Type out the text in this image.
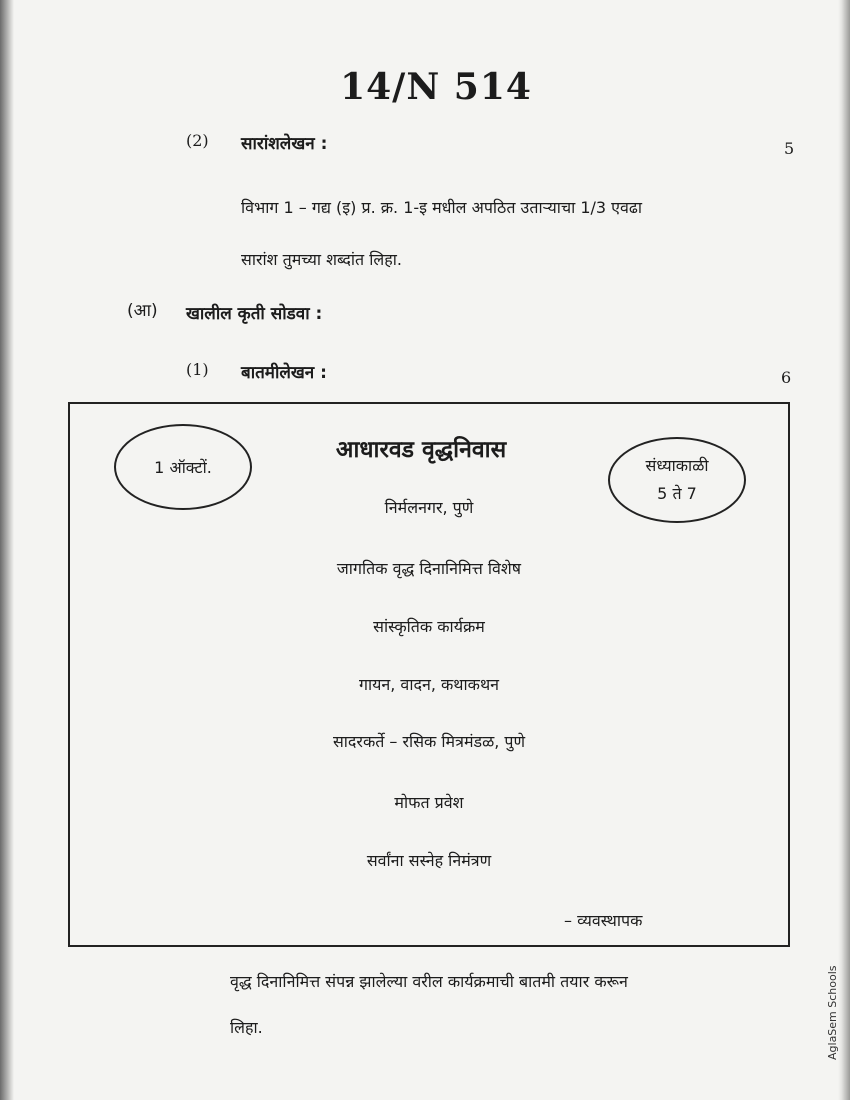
14/N 514
(2) सारांशलेखन :	5
विभाग 1 – गद्य (इ) प्र. क्र. 1-इ मधील अपठित उताऱ्याचा 1/3 एवढा
सारांश तुमच्या शब्दांत लिहा.
(आ) खालील कृती सोडवा :
(1) बातमीलेखन :	6
1 ऑक्टों.	संध्याकाळी
5 ते 7
आधारवड वृद्धनिवास
निर्मलनगर, पुणे
जागतिक वृद्ध दिनानिमित्त विशेष
सांस्कृतिक कार्यक्रम
गायन, वादन, कथाकथन
सादरकर्ते – रसिक मित्रमंडळ, पुणे
मोफत प्रवेश
सर्वांना सस्नेह निमंत्रण
– व्यवस्थापक
वृद्ध दिनानिमित्त संपन्न झालेल्या वरील कार्यक्रमाची बातमी तयार करून
लिहा.	AglaSem Schools
